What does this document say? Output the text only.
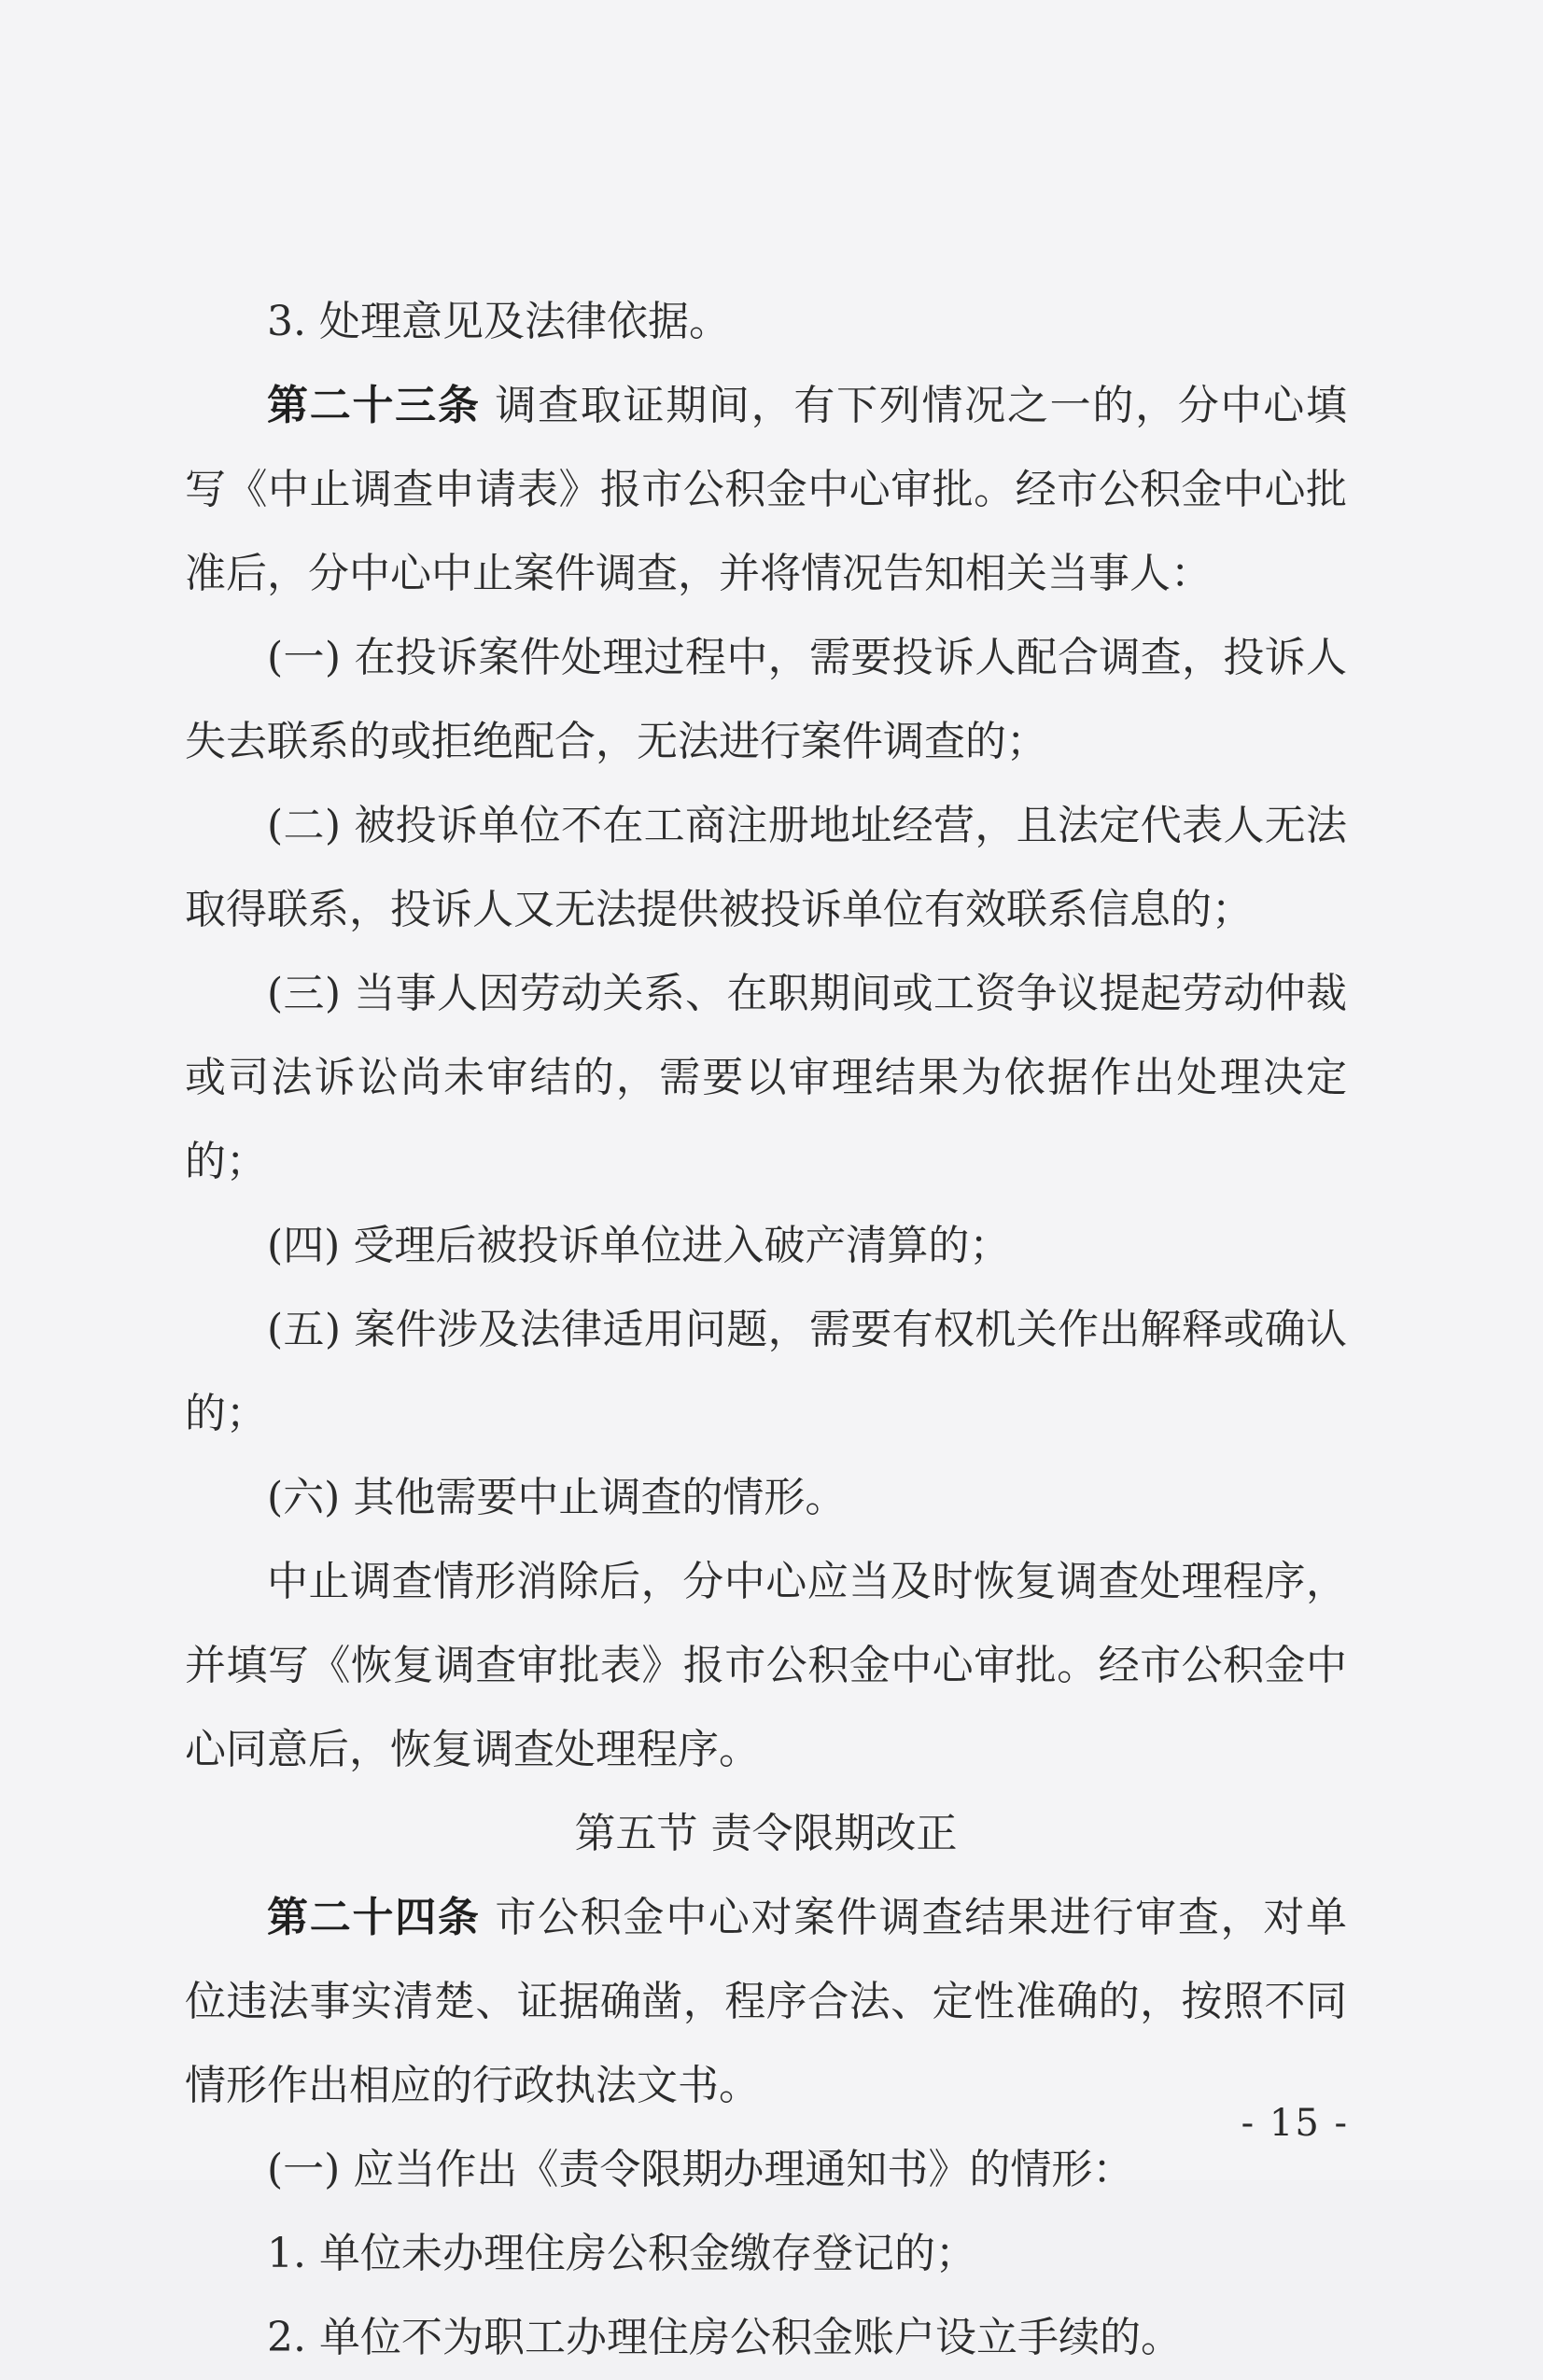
3. 处理意见及法律依据。

第二十三条 调查取证期间，有下列情况之一的，分中心填写《中止调查申请表》报市公积金中心审批。经市公积金中心批准后，分中心中止案件调查，并将情况告知相关当事人：

(一) 在投诉案件处理过程中，需要投诉人配合调查，投诉人失去联系的或拒绝配合，无法进行案件调查的；

(二) 被投诉单位不在工商注册地址经营，且法定代表人无法取得联系，投诉人又无法提供被投诉单位有效联系信息的；

(三) 当事人因劳动关系、在职期间或工资争议提起劳动仲裁或司法诉讼尚未审结的，需要以审理结果为依据作出处理决定的；

(四) 受理后被投诉单位进入破产清算的；

(五) 案件涉及法律适用问题，需要有权机关作出解释或确认的；

(六) 其他需要中止调查的情形。

中止调查情形消除后，分中心应当及时恢复调查处理程序，并填写《恢复调查审批表》报市公积金中心审批。经市公积金中心同意后，恢复调查处理程序。

第五节 责令限期改正

第二十四条 市公积金中心对案件调查结果进行审查，对单位违法事实清楚、证据确凿，程序合法、定性准确的，按照不同情形作出相应的行政执法文书。

(一) 应当作出《责令限期办理通知书》的情形：

1. 单位未办理住房公积金缴存登记的；

2. 单位不为职工办理住房公积金账户设立手续的。

- 15 -
